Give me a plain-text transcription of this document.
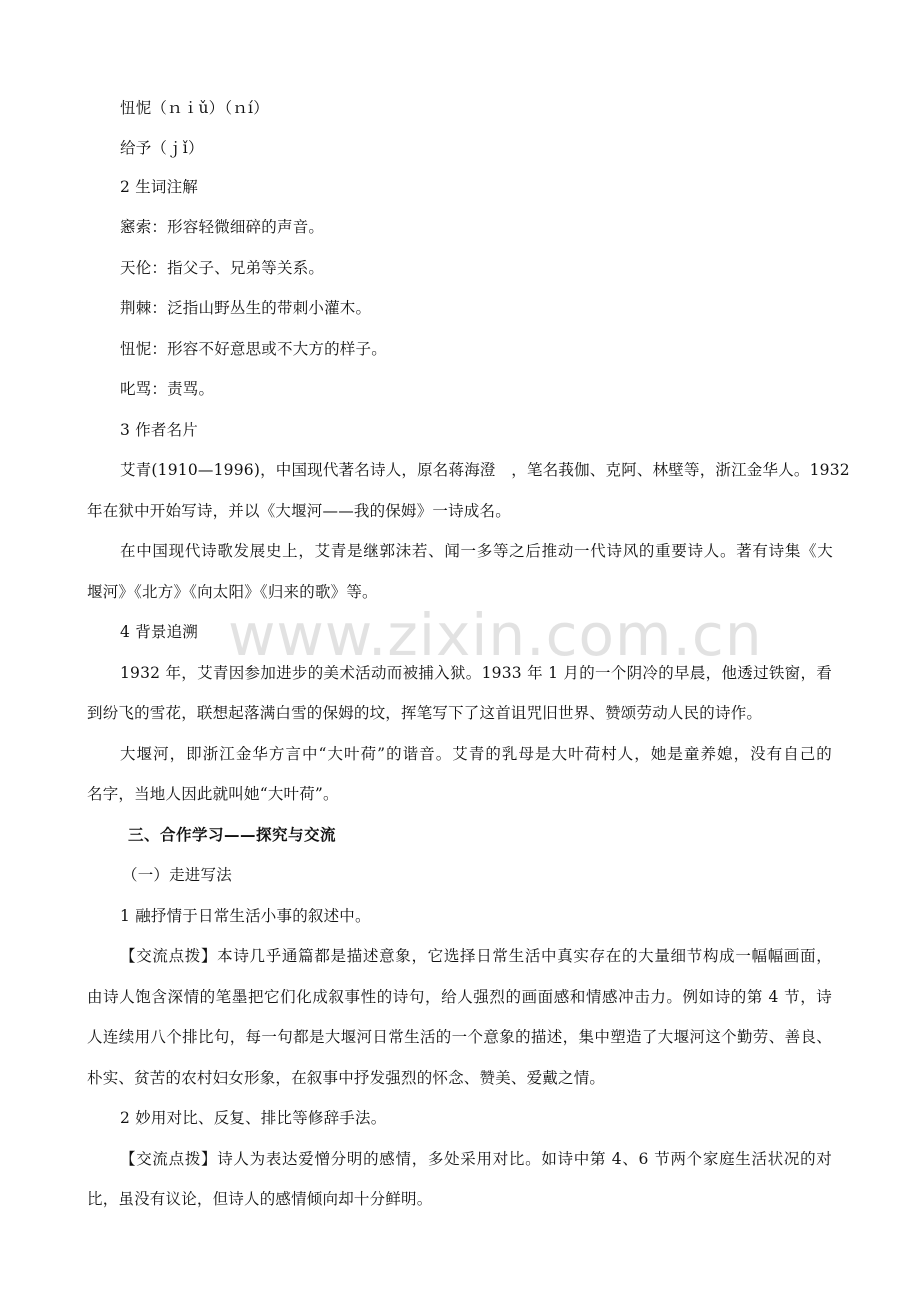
忸怩（ｎｉǔ）（ｎí）
给予（ｊǐ）
2 生词注解
窸索：形容轻微细碎的声音。
天伦：指父子、兄弟等关系。
荆棘：泛指山野丛生的带刺小灌木。
忸怩：形容不好意思或不大方的样子。
叱骂：责骂。
3 作者名片
艾青(1910—1996)，中国现代著名诗人，原名蒋海澄　，笔名莪伽、克阿、林壁等，浙江金华人。1932
年在狱中开始写诗，并以《大堰河——我的保姆》一诗成名。
在中国现代诗歌发展史上，艾青是继郭沫若、闻一多等之后推动一代诗风的重要诗人。著有诗集《大
堰河》《北方》《向太阳》《归来的歌》等。
4 背景追溯
1932 年，艾青因参加进步的美术活动而被捕入狱。1933 年 1 月的一个阴冷的早晨，他透过铁窗，看
到纷飞的雪花，联想起落满白雪的保姆的坟，挥笔写下了这首诅咒旧世界、赞颂劳动人民的诗作。
大堰河，即浙江金华方言中“大叶荷”的谐音。艾青的乳母是大叶荷村人，她是童养媳，没有自己的
名字，当地人因此就叫她“大叶荷”。
三、合作学习——探究与交流
（一）走进写法
1 融抒情于日常生活小事的叙述中。
【交流点拨】本诗几乎通篇都是描述意象，它选择日常生活中真实存在的大量细节构成一幅幅画面，
由诗人饱含深情的笔墨把它们化成叙事性的诗句，给人强烈的画面感和情感冲击力。例如诗的第 4 节，诗
人连续用八个排比句，每一句都是大堰河日常生活的一个意象的描述，集中塑造了大堰河这个勤劳、善良、
朴实、贫苦的农村妇女形象，在叙事中抒发强烈的怀念、赞美、爱戴之情。
2 妙用对比、反复、排比等修辞手法。
【交流点拨】诗人为表达爱憎分明的感情，多处采用对比。如诗中第 4、6 节两个家庭生活状况的对
比，虽没有议论，但诗人的感情倾向却十分鲜明。
www.zixin.com.cn
